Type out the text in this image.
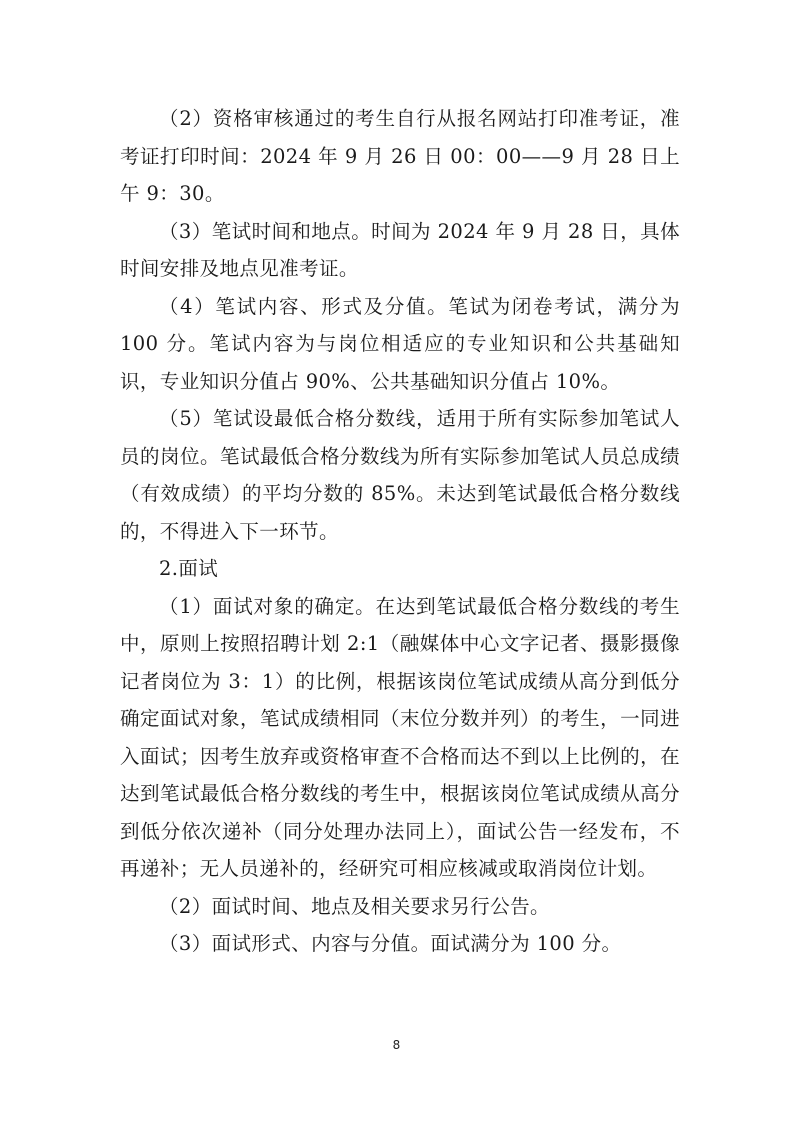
（2）资格审核通过的考生自行从报名网站打印准考证，准考证打印时间：2024 年 9 月 26 日 00：00——9 月 28 日上午 9：30。

（3）笔试时间和地点。时间为 2024 年 9 月 28 日，具体时间安排及地点见准考证。

（4）笔试内容、形式及分值。笔试为闭卷考试，满分为 100 分。笔试内容为与岗位相适应的专业知识和公共基础知识，专业知识分值占 90%、公共基础知识分值占 10%。

（5）笔试设最低合格分数线，适用于所有实际参加笔试人员的岗位。笔试最低合格分数线为所有实际参加笔试人员总成绩（有效成绩）的平均分数的 85%。未达到笔试最低合格分数线的，不得进入下一环节。

2.面试

（1）面试对象的确定。在达到笔试最低合格分数线的考生中，原则上按照招聘计划 2:1（融媒体中心文字记者、摄影摄像记者岗位为 3：1）的比例，根据该岗位笔试成绩从高分到低分确定面试对象，笔试成绩相同（末位分数并列）的考生，一同进入面试；因考生放弃或资格审查不合格而达不到以上比例的，在达到笔试最低合格分数线的考生中，根据该岗位笔试成绩从高分到低分依次递补（同分处理办法同上），面试公告一经发布，不再递补；无人员递补的，经研究可相应核减或取消岗位计划。

（2）面试时间、地点及相关要求另行公告。

（3）面试形式、内容与分值。面试满分为 100 分。

8
